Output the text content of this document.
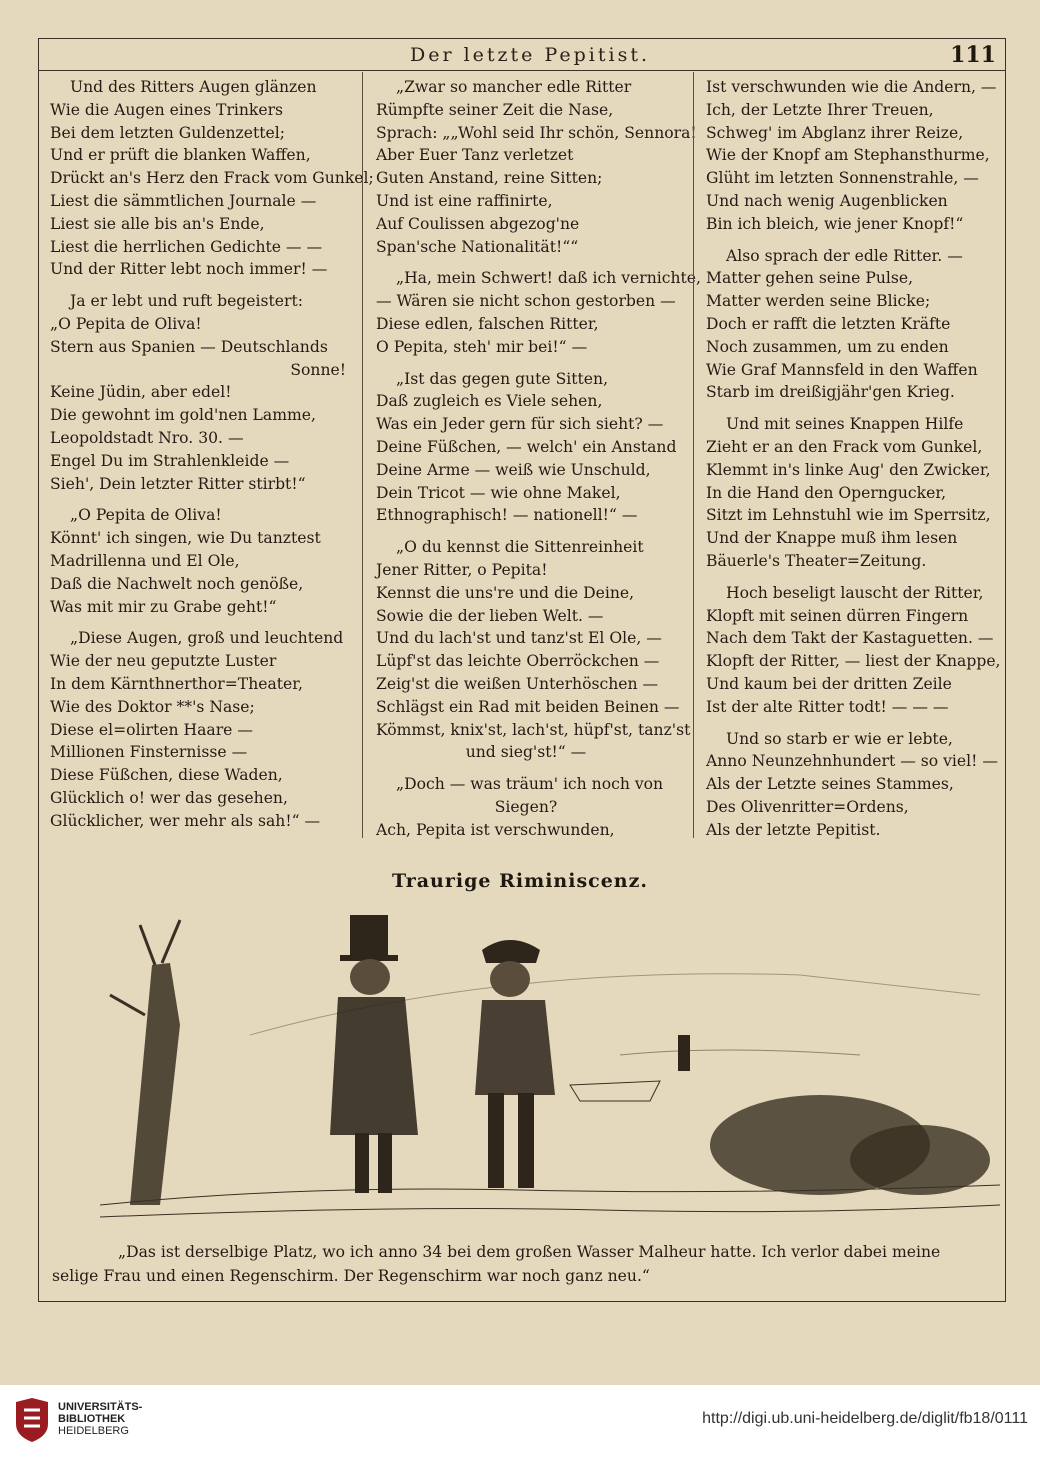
Der letzte Pepitist.	111
Und des Ritters Augen glänzen
Wie die Augen eines Trinkers
Bei dem letzten Guldenzettel;
Und er prüft die blanken Waffen,
Drückt an's Herz den Frack vom Gunkel;
Liest die sämmtlichen Journale —
Liest sie alle bis an's Ende,
Liest die herrlichen Gedichte — —
Und der Ritter lebt noch immer! —
Ja er lebt und ruft begeistert:
„O Pepita de Oliva!
Stern aus Spanien — Deutschlands
Sonne!
Keine Jüdin, aber edel!
Die gewohnt im gold'nen Lamme,
Leopoldstadt Nro. 30. —
Engel Du im Strahlenkleide —
Sieh', Dein letzter Ritter stirbt!“
„O Pepita de Oliva!
Könnt' ich singen, wie Du tanztest
Madrillenna und El Ole,
Daß die Nachwelt noch genöße,
Was mit mir zu Grabe geht!“
„Diese Augen, groß und leuchtend
Wie der neu geputzte Luster
In dem Kärnthnerthor=Theater,
Wie des Doktor **'s Nase;
Diese el=olirten Haare —
Millionen Finsternisse —
Diese Füßchen, diese Waden,
Glücklich o! wer das gesehen,
Glücklicher, wer mehr als sah!“ —
„Zwar so mancher edle Ritter
Rümpfte seiner Zeit die Nase,
Sprach: „„Wohl seid Ihr schön, Sennora!
Aber Euer Tanz verletzet
Guten Anstand, reine Sitten;
Und ist eine raffinirte,
Auf Coulissen abgezog'ne
Span'sche Nationalität!““
„Ha, mein Schwert! daß ich vernichte,
— Wären sie nicht schon gestorben —
Diese edlen, falschen Ritter,
O Pepita, steh' mir bei!“ —
„Ist das gegen gute Sitten,
Daß zugleich es Viele sehen,
Was ein Jeder gern für sich sieht? —
Deine Füßchen, — welch' ein Anstand
Deine Arme — weiß wie Unschuld,
Dein Tricot — wie ohne Makel,
Ethnographisch! — nationell!“ —
„O du kennst die Sittenreinheit
Jener Ritter, o Pepita!
Kennst die uns're und die Deine,
Sowie die der lieben Welt. —
Und du lach'st und tanz'st El Ole, —
Lüpf'st das leichte Oberröckchen —
Zeig'st die weißen Unterhöschen —
Schlägst ein Rad mit beiden Beinen —
Kömmst, knix'st, lach'st, hüpf'st, tanz'st
und sieg'st!“ —
„Doch — was träum' ich noch von
Siegen?
Ach, Pepita ist verschwunden,
Ist verschwunden wie die Andern, —
Ich, der Letzte Ihrer Treuen,
Schweg' im Abglanz ihrer Reize,
Wie der Knopf am Stephansthurme,
Glüht im letzten Sonnenstrahle, —
Und nach wenig Augenblicken
Bin ich bleich, wie jener Knopf!“
Also sprach der edle Ritter. —
Matter gehen seine Pulse,
Matter werden seine Blicke;
Doch er rafft die letzten Kräfte
Noch zusammen, um zu enden
Wie Graf Mannsfeld in den Waffen
Starb im dreißigjähr'gen Krieg.
Und mit seines Knappen Hilfe
Zieht er an den Frack vom Gunkel,
Klemmt in's linke Aug' den Zwicker,
In die Hand den Operngucker,
Sitzt im Lehnstuhl wie im Sperrsitz,
Und der Knappe muß ihm lesen
Bäuerle's Theater=Zeitung.
Hoch beseligt lauscht der Ritter,
Klopft mit seinen dürren Fingern
Nach dem Takt der Kastaguetten. —
Klopft der Ritter, — liest der Knappe,
Und kaum bei der dritten Zeile
Ist der alte Ritter todt! — — —
Und so starb er wie er lebte,
Anno Neunzehnhundert — so viel! —
Als der Letzte seines Stammes,
Des Olivenritter=Ordens,
Als der letzte Pepitist.
Traurige Riminiscenz.
„Das ist derselbige Platz, wo ich anno 34 bei dem großen Wasser Malheur hatte. Ich verlor dabei meine selige Frau und einen Regenschirm. Der Regenschirm war noch ganz neu.“
UNIVERSITÄTS-
BIBLIOTHEK
HEIDELBERG
http://digi.ub.uni-heidelberg.de/diglit/fb18/0111
